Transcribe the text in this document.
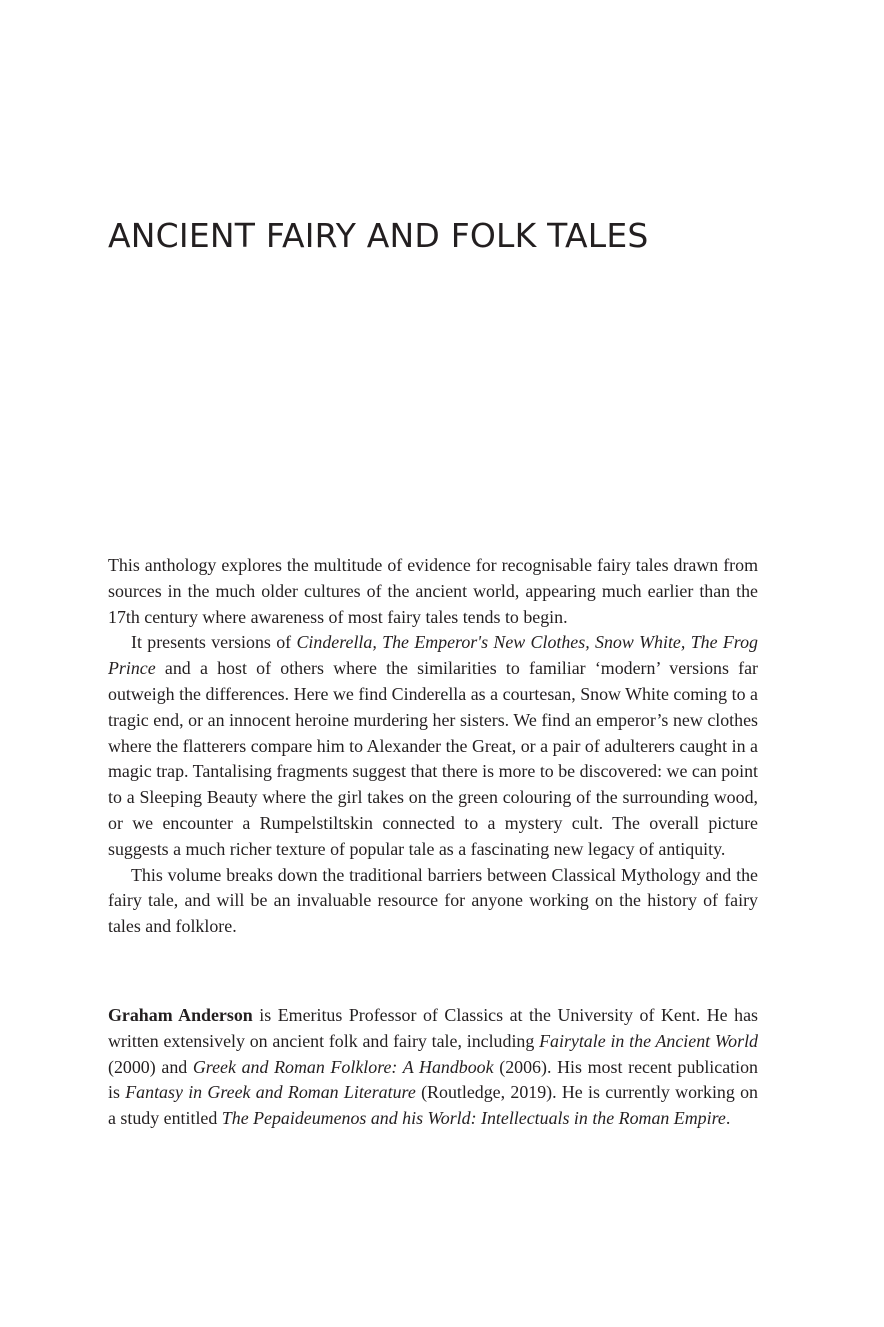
ANCIENT FAIRY AND FOLK TALES

This anthology explores the multitude of evidence for recognisable fairy tales drawn from sources in the much older cultures of the ancient world, appearing much earlier than the 17th century where awareness of most fairy tales tends to begin.

It presents versions of Cinderella, The Emperor's New Clothes, Snow White, The Frog Prince and a host of others where the similarities to familiar ‘modern’ versions far outweigh the differences. Here we find Cinderella as a courtesan, Snow White coming to a tragic end, or an innocent heroine murdering her sisters. We find an emperor’s new clothes where the flatterers compare him to Alexander the Great, or a pair of adulterers caught in a magic trap. Tantalising fragments suggest that there is more to be discovered: we can point to a Sleeping Beauty where the girl takes on the green colouring of the surrounding wood, or we encounter a Rumpelstiltskin connected to a mystery cult. The overall picture suggests a much richer texture of popular tale as a fascinating new legacy of antiquity.

This volume breaks down the traditional barriers between Classical Mythology and the fairy tale, and will be an invaluable resource for anyone working on the history of fairy tales and folklore.

Graham Anderson is Emeritus Professor of Classics at the University of Kent. He has written extensively on ancient folk and fairy tale, including Fairytale in the Ancient World (2000) and Greek and Roman Folklore: A Handbook (2006). His most recent publication is Fantasy in Greek and Roman Literature (Routledge, 2019). He is currently working on a study entitled The Pepaideumenos and his World: Intellectuals in the Roman Empire.
